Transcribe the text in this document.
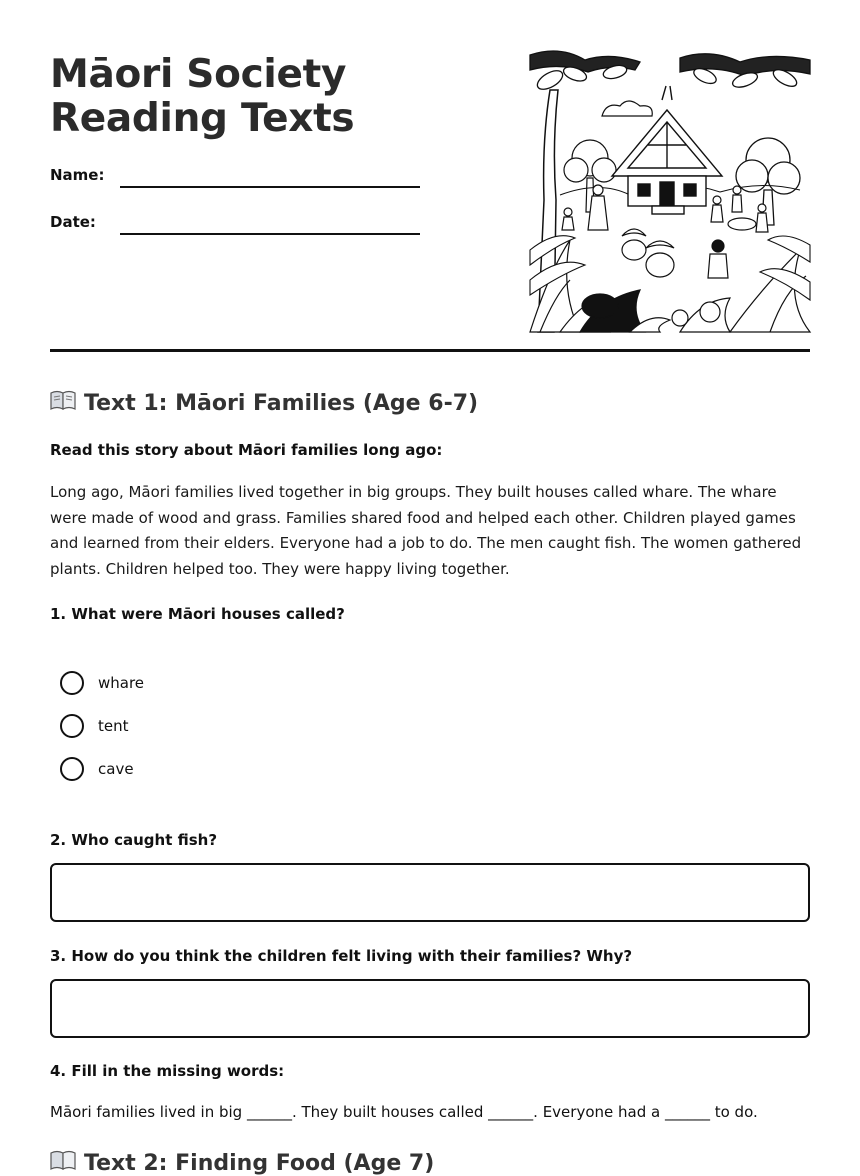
Māori Society Reading Texts
Name:
Date:
Text 1: Māori Families (Age 6-7)
Read this story about Māori families long ago:
Long ago, Māori families lived together in big groups. They built houses called whare. The whare were made of wood and grass. Families shared food and helped each other. Children played games and learned from their elders. Everyone had a job to do. The men caught fish. The women gathered plants. Children helped too. They were happy living together.
1. What were Māori houses called?
whare
tent
cave
2. Who caught fish?
3. How do you think the children felt living with their families? Why?
4. Fill in the missing words:
Māori families lived in big ______. They built houses called ______. Everyone had a ______ to do.
Text 2: Finding Food (Age 7)
